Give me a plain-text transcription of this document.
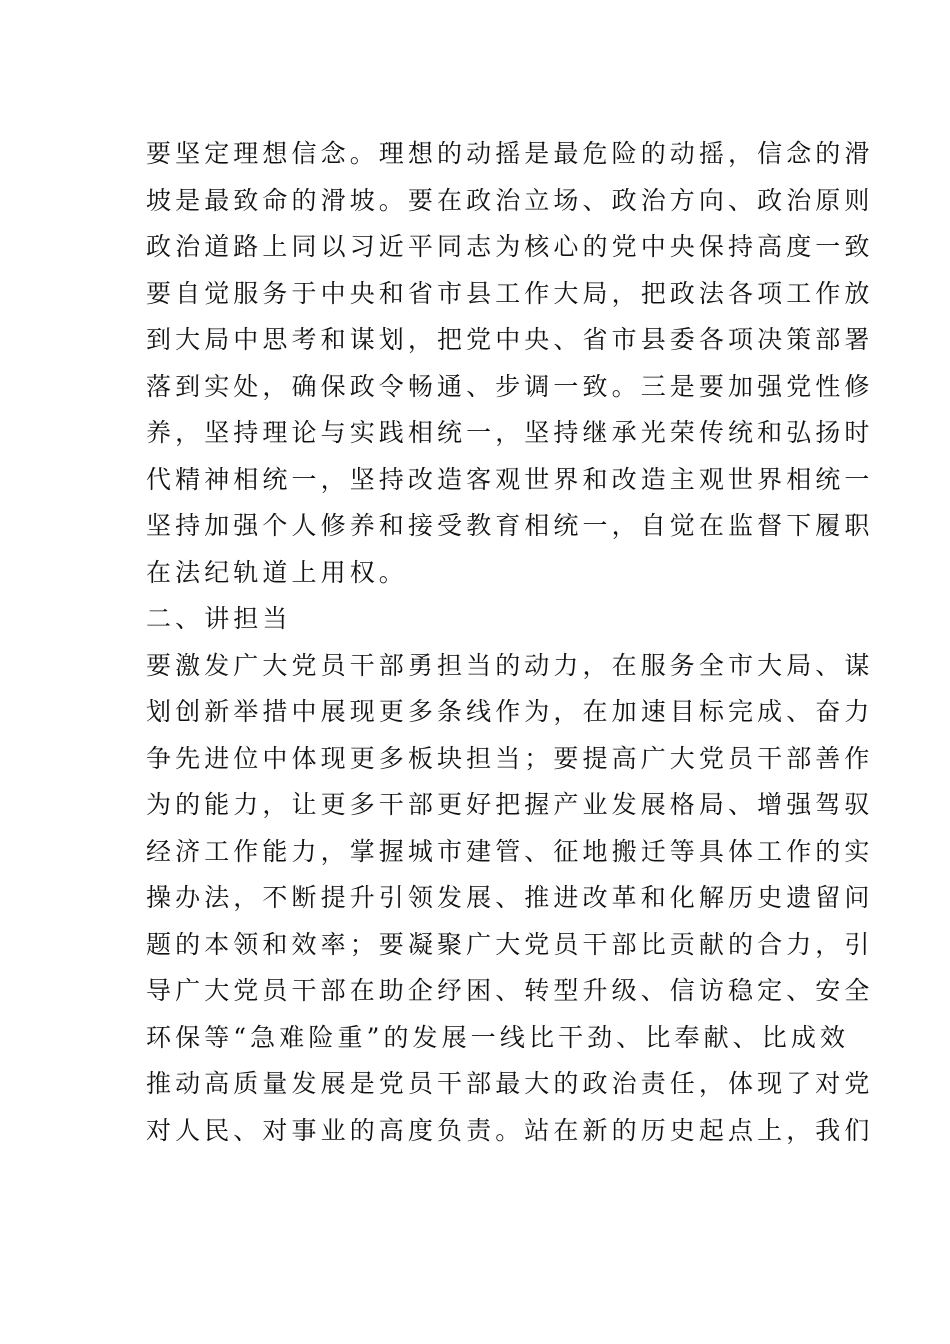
要坚定理想信念。理想的动摇是最危险的动摇，信念的滑
坡是最致命的滑坡。要在政治立场、政治方向、政治原则
政治道路上同以习近平同志为核心的党中央保持高度一致
要自觉服务于中央和省市县工作大局，把政法各项工作放
到大局中思考和谋划，把党中央、省市县委各项决策部署
落到实处，确保政令畅通、步调一致。三是要加强党性修
养，坚持理论与实践相统一，坚持继承光荣传统和弘扬时
代精神相统一，坚持改造客观世界和改造主观世界相统一
坚持加强个人修养和接受教育相统一，自觉在监督下履职
在法纪轨道上用权。
二、讲担当
要激发广大党员干部勇担当的动力，在服务全市大局、谋
划创新举措中展现更多条线作为，在加速目标完成、奋力
争先进位中体现更多板块担当；要提高广大党员干部善作
为的能力，让更多干部更好把握产业发展格局、增强驾驭
经济工作能力，掌握城市建管、征地搬迁等具体工作的实
操办法，不断提升引领发展、推进改革和化解历史遗留问
题的本领和效率；要凝聚广大党员干部比贡献的合力，引
导广大党员干部在助企纾困、转型升级、信访稳定、安全
环保等“急难险重”的发展一线比干劲、比奉献、比成效
推动高质量发展是党员干部最大的政治责任，体现了对党
对人民、对事业的高度负责。站在新的历史起点上，我们
